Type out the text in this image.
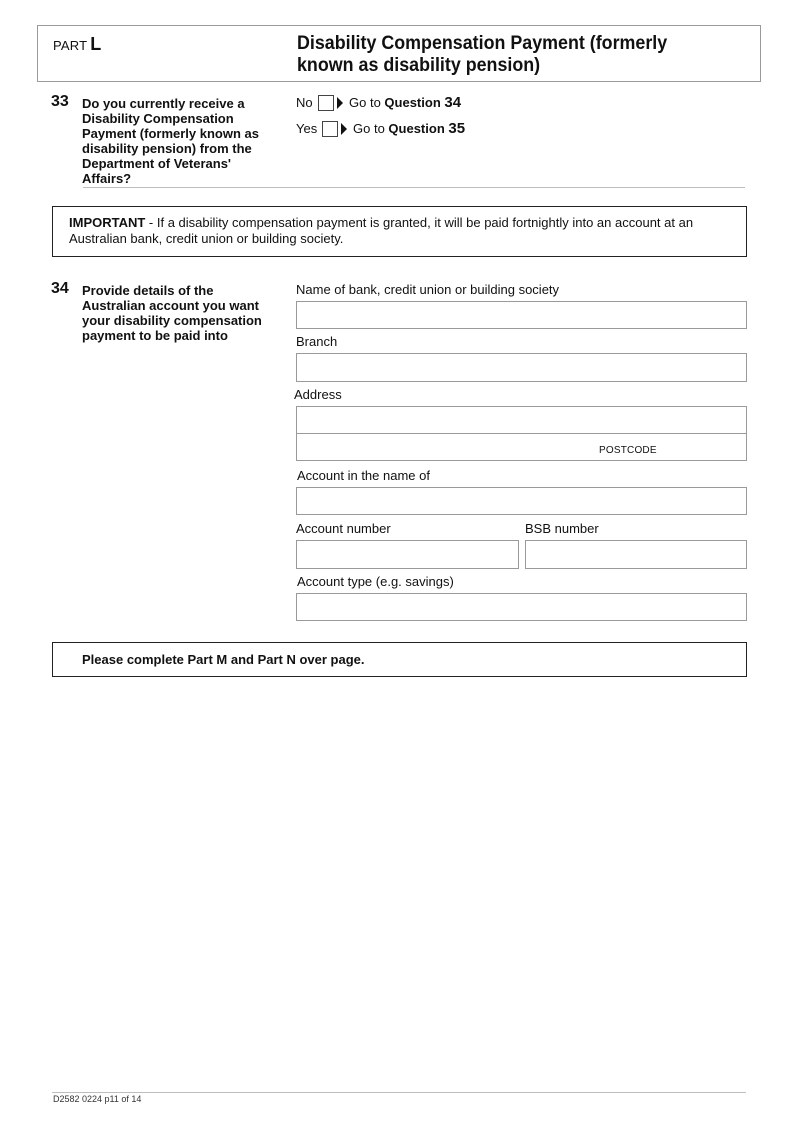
PART L	Disability Compensation Payment (formerly known as disability pension)
33 Do you currently receive a Disability Compensation Payment (formerly known as disability pension) from the Department of Veterans' Affairs?
No	Go to Question 34
Yes	Go to Question 35
IMPORTANT - If a disability compensation payment is granted, it will be paid fortnightly into an account at an Australian bank, credit union or building society.
34 Provide details of the Australian account you want your disability compensation payment to be paid into
Name of bank, credit union or building society
Branch
Address
POSTCODE
Account in the name of
Account number	BSB number
Account type (e.g. savings)
Please complete Part M and Part N over page.
D2582 0224 p11 of 14
